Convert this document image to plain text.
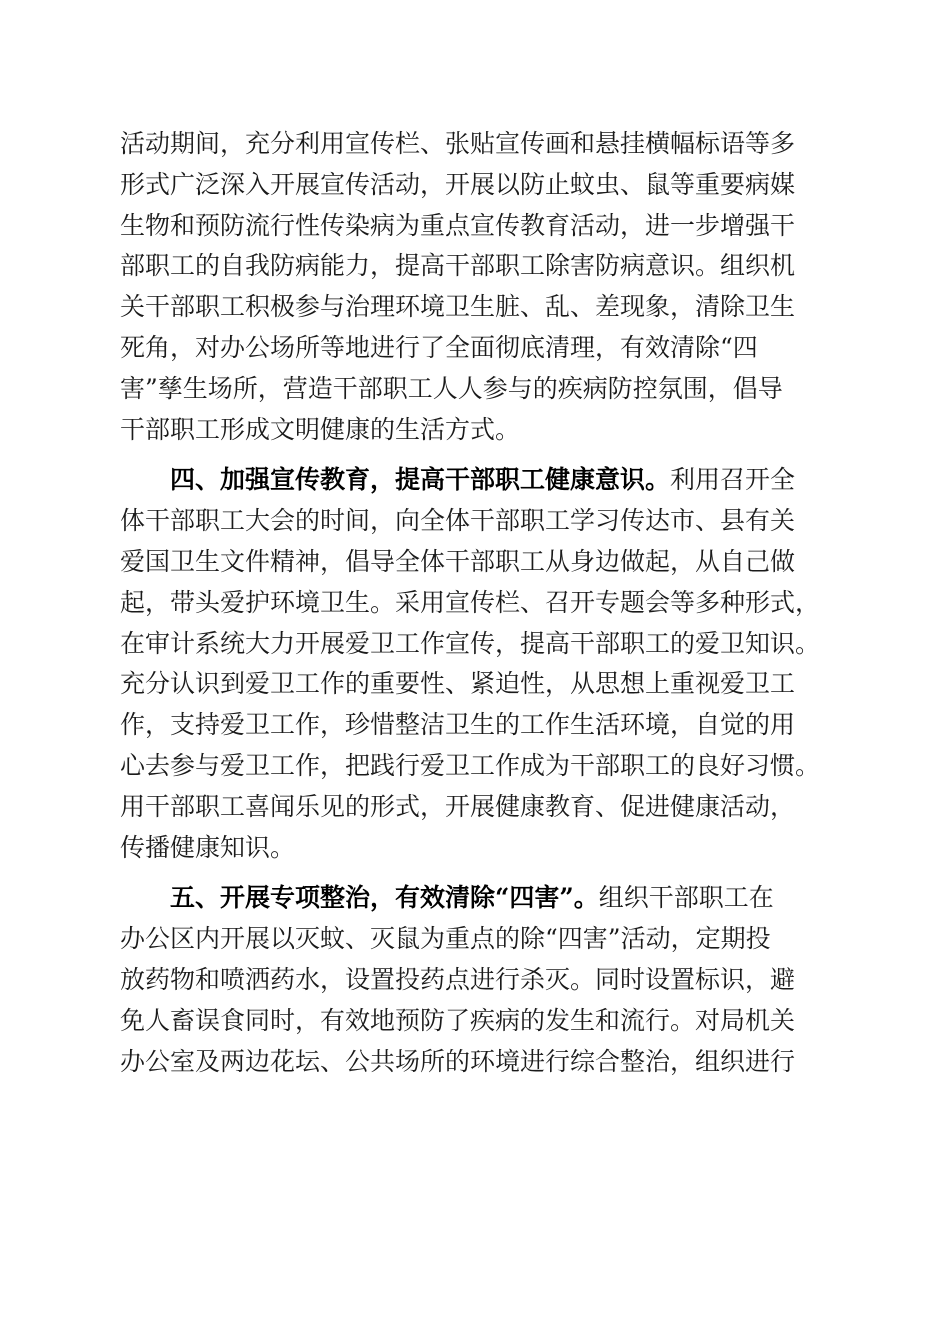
活动期间，充分利用宣传栏、张贴宣传画和悬挂横幅标语等多
形式广泛深入开展宣传活动，开展以防止蚊虫、鼠等重要病媒
生物和预防流行性传染病为重点宣传教育活动，进一步增强干
部职工的自我防病能力，提高干部职工除害防病意识。组织机
关干部职工积极参与治理环境卫生脏、乱、差现象，清除卫生
死角，对办公场所等地进行了全面彻底清理，有效清除“四
害”孳生场所，营造干部职工人人参与的疾病防控氛围，倡导
干部职工形成文明健康的生活方式。
四、加强宣传教育，提高干部职工健康意识。利用召开全
体干部职工大会的时间，向全体干部职工学习传达市、县有关
爱国卫生文件精神，倡导全体干部职工从身边做起，从自己做
起，带头爱护环境卫生。采用宣传栏、召开专题会等多种形式，
在审计系统大力开展爱卫工作宣传，提高干部职工的爱卫知识。
充分认识到爱卫工作的重要性、紧迫性，从思想上重视爱卫工
作，支持爱卫工作，珍惜整洁卫生的工作生活环境，自觉的用
心去参与爱卫工作，把践行爱卫工作成为干部职工的良好习惯。
用干部职工喜闻乐见的形式，开展健康教育、促进健康活动，
传播健康知识。
五、开展专项整治，有效清除“四害”。组织干部职工在
办公区内开展以灭蚊、灭鼠为重点的除“四害”活动，定期投
放药物和喷洒药水，设置投药点进行杀灭。同时设置标识，避
免人畜误食同时，有效地预防了疾病的发生和流行。对局机关
办公室及两边花坛、公共场所的环境进行综合整治，组织进行
